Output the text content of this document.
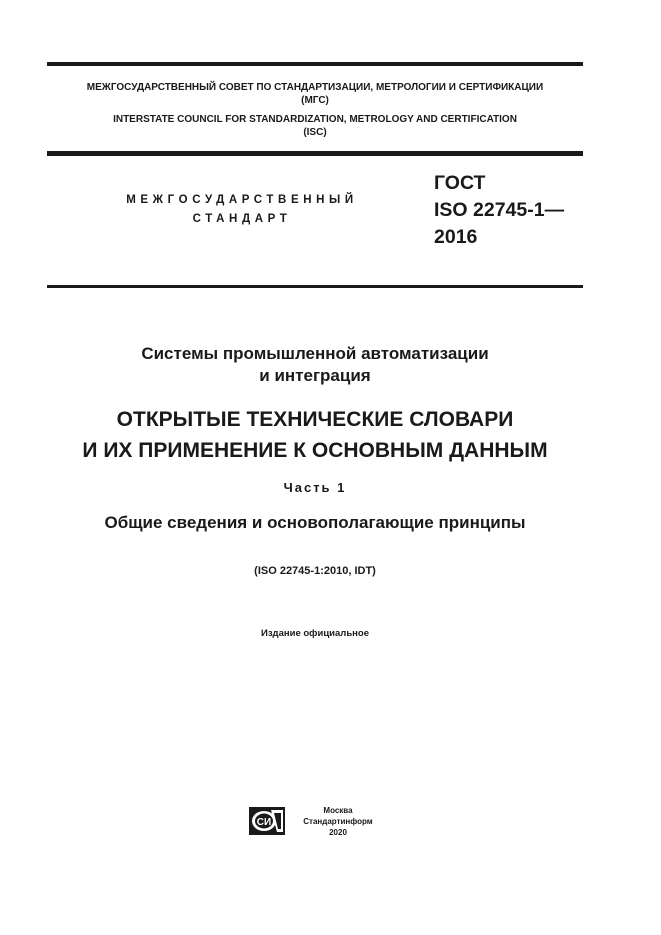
МЕЖГОСУДАРСТВЕННЫЙ СОВЕТ ПО СТАНДАРТИЗАЦИИ, МЕТРОЛОГИИ И СЕРТИФИКАЦИИ
(МГС)
INTERSTATE COUNCIL FOR STANDARDIZATION, METROLOGY AND CERTIFICATION
(ISC)
МЕЖГОСУДАРСТВЕННЫЙ
СТАНДАРТ
ГОСТ
ISO 22745-1—
2016
Системы промышленной автоматизации
и интеграция
ОТКРЫТЫЕ ТЕХНИЧЕСКИЕ СЛОВАРИ
И ИХ ПРИМЕНЕНИЕ К ОСНОВНЫМ ДАННЫМ
Часть 1
Общие сведения и основополагающие принципы
(ISO 22745-1:2010, IDT)
Издание официальное
СИ
Москва
Стандартинформ
2020
